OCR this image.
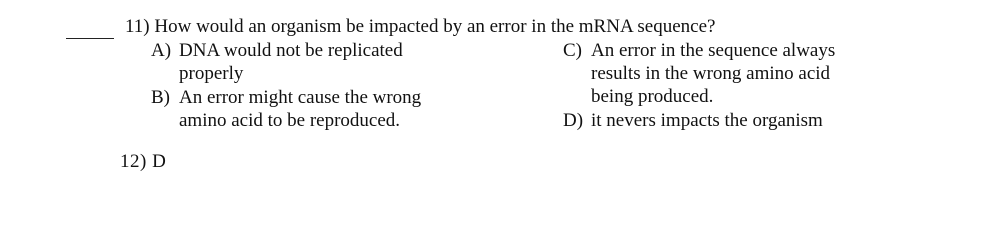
11) How would an organism be impacted by an error in the mRNA sequence?
A) DNA would not be replicated
properly
B) An error might cause the wrong
amino acid to be reproduced.
C) An error in the sequence always
results in the wrong amino acid
being produced.
D) it nevers impacts the organism
12) D
